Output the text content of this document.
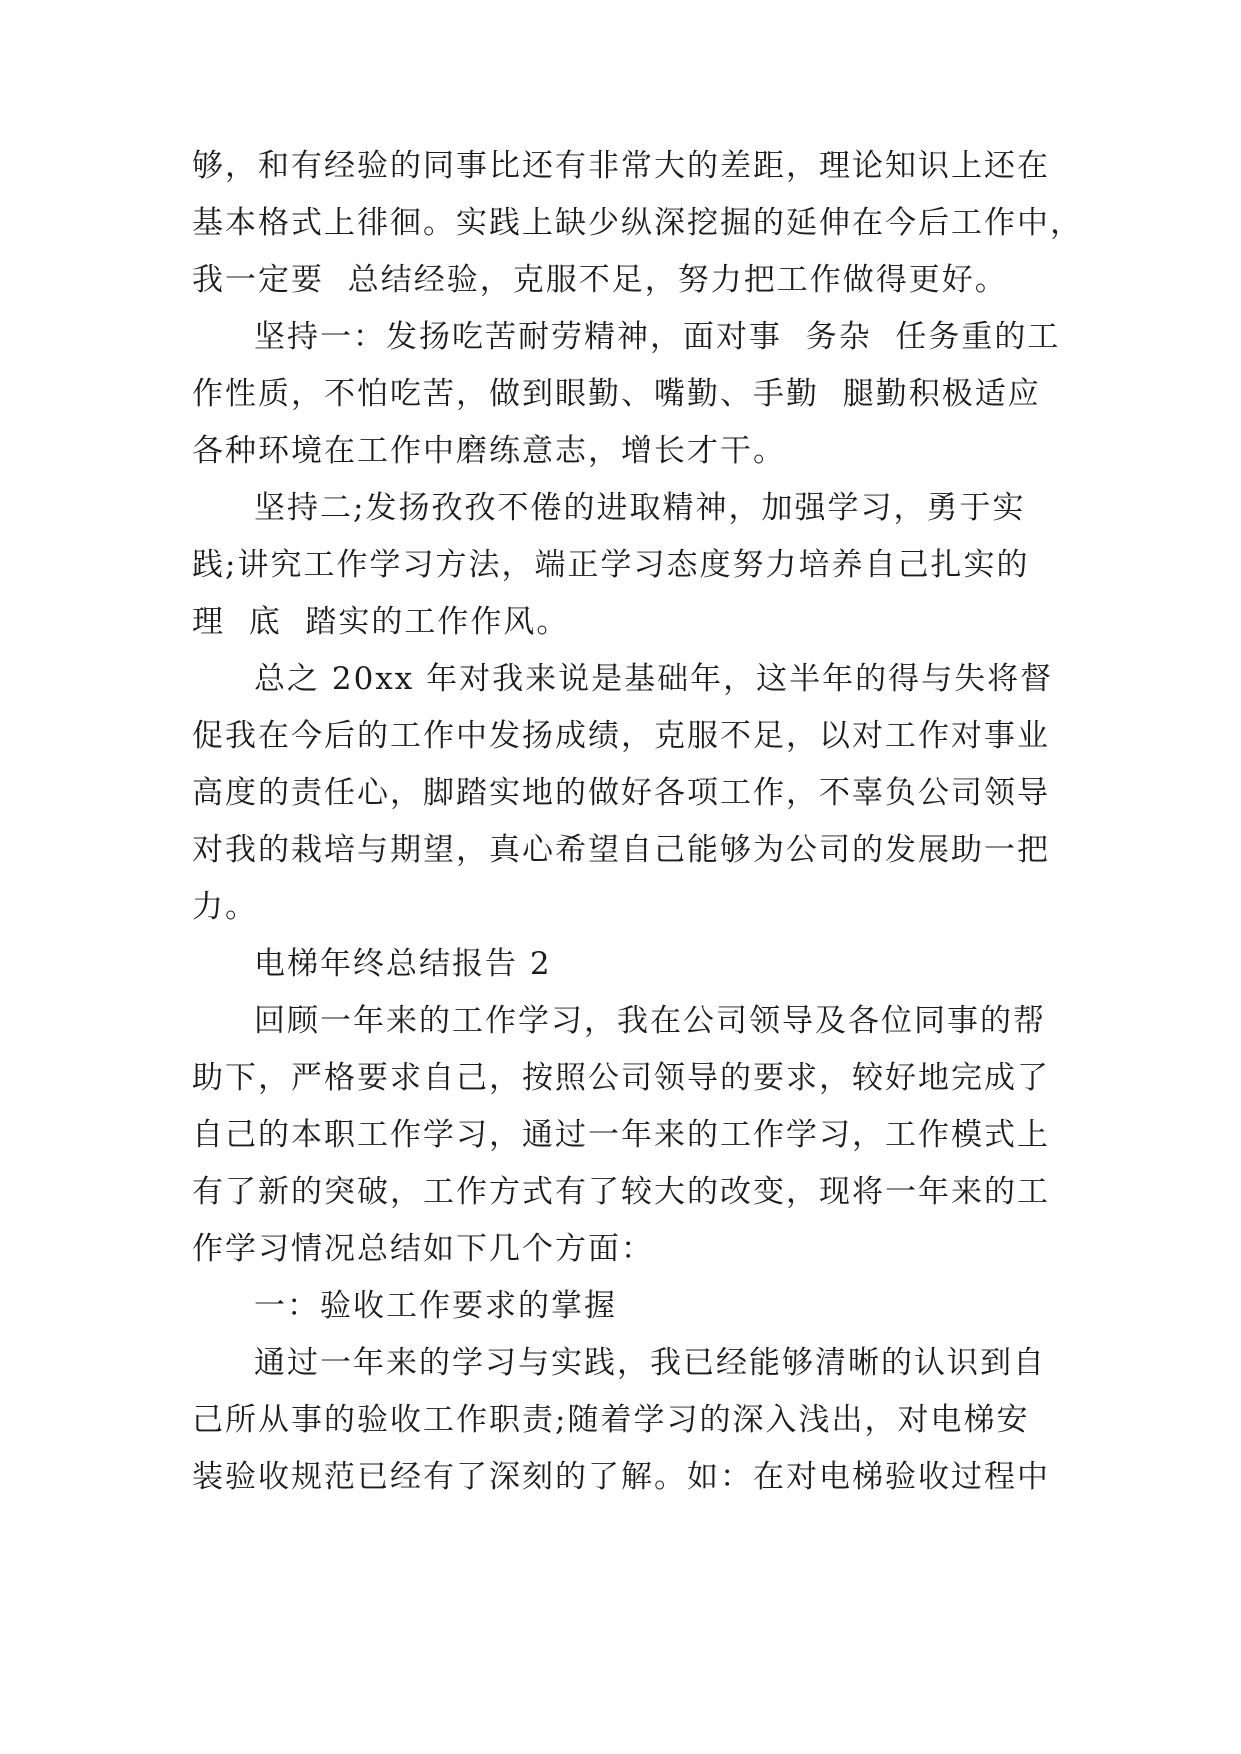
够，和有经验的同事比还有非常大的差距，理论知识上还在
基本格式上徘徊。实践上缺少纵深挖掘的延伸在今后工作中，
我一定要  总结经验，克服不足，努力把工作做得更好。
坚持一：发扬吃苦耐劳精神，面对事  务杂  任务重的工
作性质，不怕吃苦，做到眼勤、嘴勤、手勤  腿勤积极适应
各种环境在工作中磨练意志，增长才干。
坚持二;发扬孜孜不倦的进取精神，加强学习，勇于实
践;讲究工作学习方法，端正学习态度努力培养自己扎实的
理  底  踏实的工作作风。
总之 20xx 年对我来说是基础年，这半年的得与失将督
促我在今后的工作中发扬成绩，克服不足，以对工作对事业
高度的责任心，脚踏实地的做好各项工作，不辜负公司领导
对我的栽培与期望，真心希望自己能够为公司的发展助一把
力。
电梯年终总结报告 2
回顾一年来的工作学习，我在公司领导及各位同事的帮
助下，严格要求自己，按照公司领导的要求，较好地完成了
自己的本职工作学习，通过一年来的工作学习，工作模式上
有了新的突破，工作方式有了较大的改变，现将一年来的工
作学习情况总结如下几个方面：
一：验收工作要求的掌握
通过一年来的学习与实践，我已经能够清晰的认识到自
己所从事的验收工作职责;随着学习的深入浅出，对电梯安
装验收规范已经有了深刻的了解。如：在对电梯验收过程中
